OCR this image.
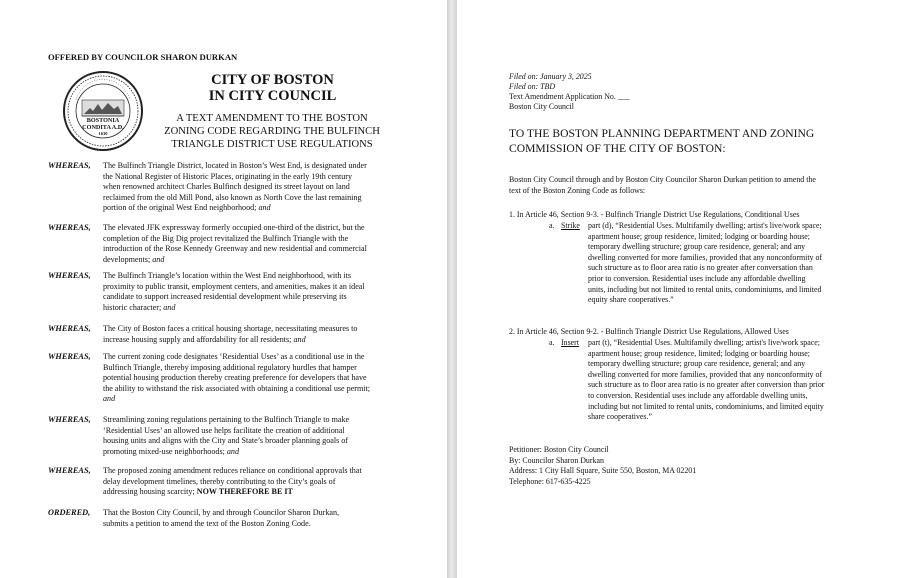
OFFERED BY COUNCILOR SHARON DURKAN
BOSTONIA
CONDITA A.D.
1630
CITY OF BOSTON
IN CITY COUNCIL
A TEXT AMENDMENT TO THE BOSTON
ZONING CODE REGARDING THE BULFINCH
TRIANGLE DISTRICT USE REGULATIONS
WHEREAS,	The Bulfinch Triangle District, located in Boston’s West End, is designated under
the National Register of Historic Places, originating in the early 19th century
when renowned architect Charles Bulfinch designed its street layout on land
reclaimed from the old Mill Pond, also known as North Cove the last remaining
portion of the original West End neighborhood; and
WHEREAS,	The elevated JFK expressway formerly occupied one-third of the district, but the
completion of the Big Dig project revitalized the Bulfinch Triangle with the
introduction of the Rose Kennedy Greenway and new residential and commercial
developments; and
WHEREAS,	The Bulfinch Triangle’s location within the West End neighborhood, with its
proximity to public transit, employment centers, and amenities, makes it an ideal
candidate to support increased residential development while preserving its
historic character; and
WHEREAS,	The City of Boston faces a critical housing shortage, necessitating measures to
increase housing supply and affordability for all residents; and
WHEREAS,	The current zoning code designates ‘Residential Uses’ as a conditional use in the
Bulfinch Triangle, thereby imposing additional regulatory hurdles that hamper
potential housing production thereby creating preference for developers that have
the ability to withstand the risk associated with obtaining a conditional use permit;
and
WHEREAS,	Streamlining zoning regulations pertaining to the Bulfinch Triangle to make
‘Residential Uses’ an allowed use helps facilitate the creation of additional
housing units and aligns with the City and State’s broader planning goals of
promoting mixed-use neighborhoods; and
WHEREAS,	The proposed zoning amendment reduces reliance on conditional approvals that
delay development timelines, thereby contributing to the City’s goals of
addressing housing scarcity; NOW THEREFORE BE IT
ORDERED,	That the Boston City Council, by and through Councilor Sharon Durkan,
submits a petition to amend the text of the Boston Zoning Code.
Filed on: January 3, 2025
Filed on: TBD
Text Amendment Application No. ___
Boston City Council
TO THE BOSTON PLANNING DEPARTMENT AND ZONING
COMMISSION OF THE CITY OF BOSTON:
Boston City Council through and by Boston City Councilor Sharon Durkan petition to amend the
text of the Boston Zoning Code as follows:
1. In Article 46, Section 9-3. - Bulfinch Triangle District Use Regulations, Conditional Uses
a. Strike part (d), “Residential Uses. Multifamily dwelling; artist's live/work space;
apartment house; group residence, limited; lodging or boarding house;
temporary dwelling structure; group care residence, general; and any
dwelling converted for more families, provided that any nonconformity of
such structure as to floor area ratio is no greater after conversation than
prior to conversion. Residential uses include any affordable dwelling
units, including but not limited to rental units, condominiums, and limited
equity share cooperatives.”
2. In Article 46, Section 9-2. - Bulfinch Triangle District Use Regulations, Allowed Uses
a. Insert part (t), “Residential Uses. Multifamily dwelling; artist's live/work space;
apartment house; group residence, limited; lodging or boarding house;
temporary dwelling structure; group care residence, general; and any
dwelling converted for more families, provided that any nonconformity of
such structure as to floor area ratio is no greater after conversion than prior
to conversion. Residential uses include any affordable dwelling units,
including but not limited to rental units, condominiums, and limited equity
share cooperatives.”
Petitioner: Boston City Council
By: Councilor Sharon Durkan
Address: 1 City Hall Square, Suite 550, Boston, MA 02201
Telephone: 617-635-4225
